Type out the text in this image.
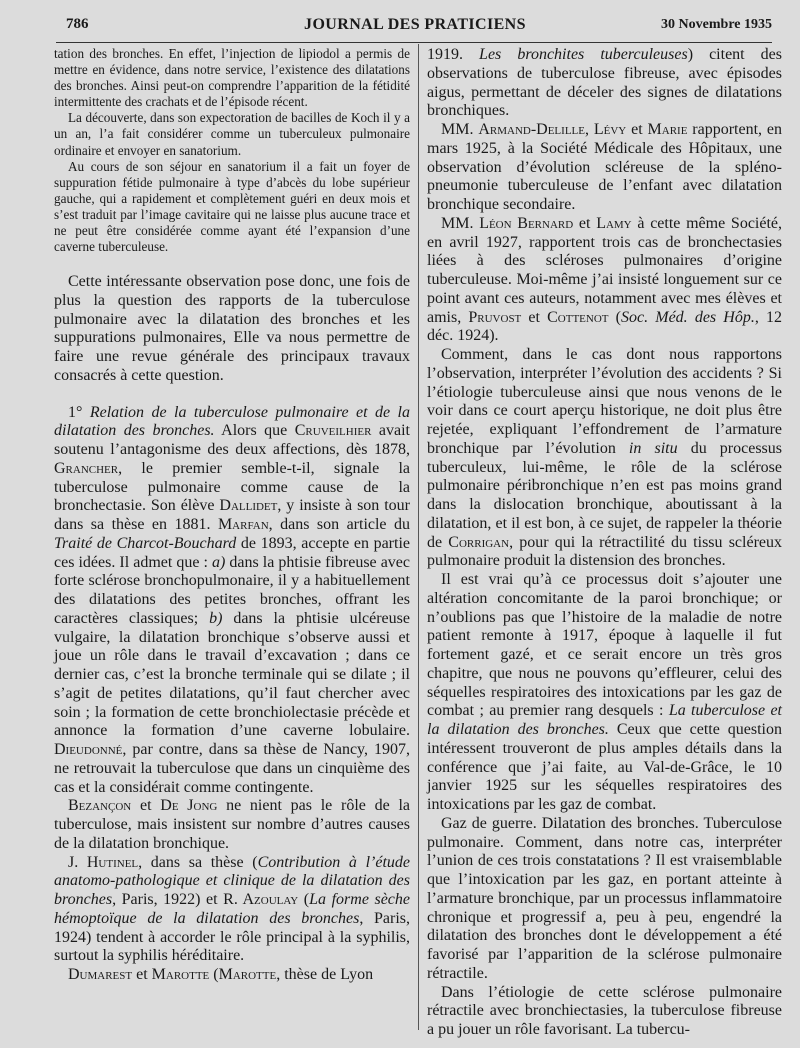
786	JOURNAL DES PRATICIENS	30 Novembre 1935

tation des bronches. En effet, l’injection de lipiodol a permis de mettre en évidence, dans notre service, l’existence des dilatations des bronches. Ainsi peut-on comprendre l’apparition de la fétidité intermittente des crachats et de l’épisode récent.

La découverte, dans son expectoration de bacilles de Koch il y a un an, l’a fait considérer comme un tuberculeux pulmonaire ordinaire et envoyer en sanatorium.

Au cours de son séjour en sanatorium il a fait un foyer de suppuration fétide pulmonaire à type d’abcès du lobe supérieur gauche, qui a rapidement et complètement guéri en deux mois et s’est traduit par l’image cavitaire qui ne laisse plus aucune trace et ne peut être considérée comme ayant été l’expansion d’une caverne tuberculeuse.

Cette intéressante observation pose donc, une fois de plus la question des rapports de la tuberculose pulmonaire avec la dilatation des bronches et les suppurations pulmonaires, Elle va nous permettre de faire une revue générale des principaux travaux consacrés à cette question.

1° Relation de la tuberculose pulmonaire et de la dilatation des bronches. Alors que Cruveilhier avait soutenu l’antagonisme des deux affections, dès 1878, Grancher, le premier semble-t-il, signale la tuberculose pulmonaire comme cause de la bronchectasie. Son élève Dallidet, y insiste à son tour dans sa thèse en 1881. Marfan, dans son article du Traité de Charcot-Bouchard de 1893, accepte en partie ces idées. Il admet que : a) dans la phtisie fibreuse avec forte sclérose bronchopulmonaire, il y a habituellement des dilatations des petites bronches, offrant les caractères classiques; b) dans la phtisie ulcéreuse vulgaire, la dilatation bronchique s’observe aussi et joue un rôle dans le travail d’excavation ; dans ce dernier cas, c’est la bronche terminale qui se dilate ; il s’agit de petites dilatations, qu’il faut chercher avec soin ; la formation de cette bronchiolectasie précède et annonce la formation d’une caverne lobulaire. Dieudonné, par contre, dans sa thèse de Nancy, 1907, ne retrouvait la tuberculose que dans un cinquième des cas et la considérait comme contingente.

Bezançon et De Jong ne nient pas le rôle de la tuberculose, mais insistent sur nombre d’autres causes de la dilatation bronchique.

J. Hutinel, dans sa thèse (Contribution à l’étude anatomo-pathologique et clinique de la dilatation des bronches, Paris, 1922) et R. Azoulay (La forme sèche hémoptoïque de la dilatation des bronches, Paris, 1924) tendent à accorder le rôle principal à la syphilis, surtout la syphilis héréditaire.

Dumarest et Marotte (Marotte, thèse de Lyon

1919. Les bronchites tuberculeuses) citent des observations de tuberculose fibreuse, avec épisodes aigus, permettant de déceler des signes de dilatations bronchiques.

MM. Armand-Delille, Lévy et Marie rapportent, en mars 1925, à la Société Médicale des Hôpitaux, une observation d’évolution scléreuse de la spléno-pneumonie tuberculeuse de l’enfant avec dilatation bronchique secondaire.

MM. Léon Bernard et Lamy à cette même Société, en avril 1927, rapportent trois cas de bronchectasies liées à des scléroses pulmonaires d’origine tuberculeuse. Moi-même j’ai insisté longuement sur ce point avant ces auteurs, notamment avec mes élèves et amis, Pruvost et Cottenot (Soc. Méd. des Hôp., 12 déc. 1924).

Comment, dans le cas dont nous rapportons l’observation, interpréter l’évolution des accidents ? Si l’étiologie tuberculeuse ainsi que nous venons de le voir dans ce court aperçu historique, ne doit plus être rejetée, expliquant l’effondrement de l’armature bronchique par l’évolution in situ du processus tuberculeux, lui-même, le rôle de la sclérose pulmonaire péribronchique n’en est pas moins grand dans la dislocation bronchique, aboutissant à la dilatation, et il est bon, à ce sujet, de rappeler la théorie de Corrigan, pour qui la rétractilité du tissu scléreux pulmonaire produit la distension des bronches.

Il est vrai qu’à ce processus doit s’ajouter une altération concomitante de la paroi bronchique; or n’oublions pas que l’histoire de la maladie de notre patient remonte à 1917, époque à laquelle il fut fortement gazé, et ce serait encore un très gros chapitre, que nous ne pouvons qu’effleurer, celui des séquelles respiratoires des intoxications par les gaz de combat ; au premier rang desquels : La tuberculose et la dilatation des bronches. Ceux que cette question intéressent trouveront de plus amples détails dans la conférence que j’ai faite, au Val-de-Grâce, le 10 janvier 1925 sur les séquelles respiratoires des intoxications par les gaz de combat.

Gaz de guerre. Dilatation des bronches. Tuberculose pulmonaire. Comment, dans notre cas, interpréter l’union de ces trois constatations ? Il est vraisemblable que l’intoxication par les gaz, en portant atteinte à l’armature bronchique, par un processus inflammatoire chronique et progressif a, peu à peu, engendré la dilatation des bronches dont le développement a été favorisé par l’apparition de la sclérose pulmonaire rétractile.

Dans l’étiologie de cette sclérose pulmonaire rétractile avec bronchiectasies, la tuberculose fibreuse a pu jouer un rôle favorisant. La tubercu-
